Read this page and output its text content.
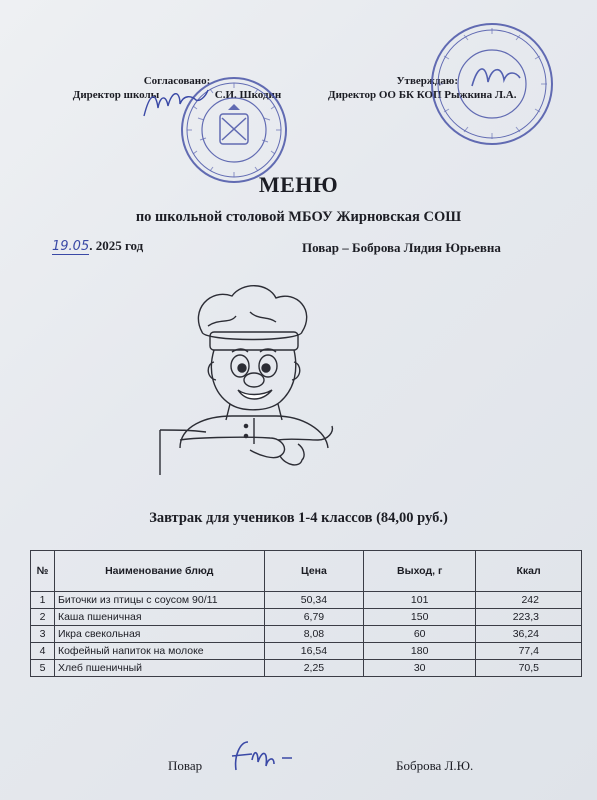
Согласовано:
Директор школы	С.И. Шкодин
Утверждаю:
Директор ОО БК КОП Рыжкина Л.А.
МЕНЮ
по школьной столовой МБОУ Жирновская СОШ
19.05. 2025 год	Повар – Боброва Лидия Юрьевна
Завтрак для учеников 1-4 классов (84,00 руб.)
№	Наименование блюд	Цена	Выход, г	Ккал
1	Биточки из птицы с соусом 90/11	50,34	101	242
2	Каша пшеничная	6,79	150	223,3
3	Икра свекольная	8,08	60	36,24
4	Кофейный напиток на молоке	16,54	180	77,4
5	Хлеб пшеничный	2,25	30	70,5
Повар	Боброва Л.Ю.
